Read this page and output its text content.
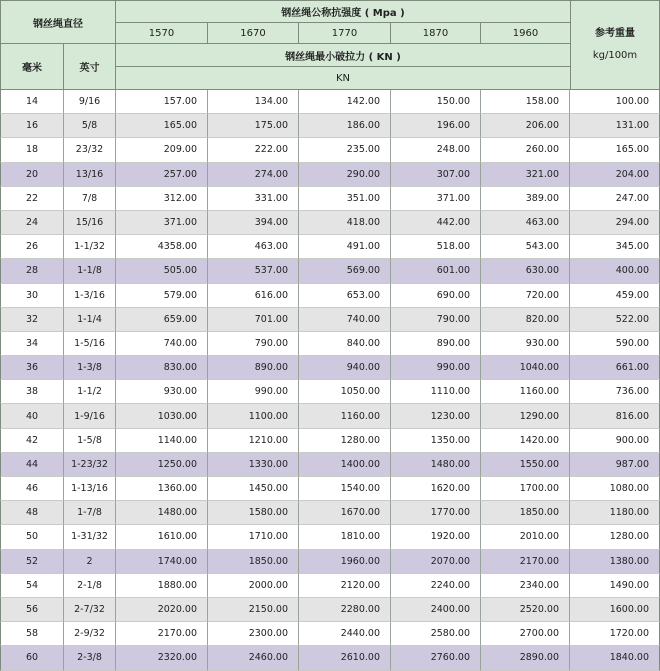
钢丝绳直径
钢丝绳公称抗强度 ( Mpa )
1570	1670	1770	1870	1960
毫米	英寸
钢丝绳最小破拉力 ( KN )
KN
参考重量
kg/100m
14	9/16	157.00	134.00	142.00	150.00	158.00	100.00
16	5/8	165.00	175.00	186.00	196.00	206.00	131.00
18	23/32	209.00	222.00	235.00	248.00	260.00	165.00
20	13/16	257.00	274.00	290.00	307.00	321.00	204.00
22	7/8	312.00	331.00	351.00	371.00	389.00	247.00
24	15/16	371.00	394.00	418.00	442.00	463.00	294.00
26	1-1/32	4358.00	463.00	491.00	518.00	543.00	345.00
28	1-1/8	505.00	537.00	569.00	601.00	630.00	400.00
30	1-3/16	579.00	616.00	653.00	690.00	720.00	459.00
32	1-1/4	659.00	701.00	740.00	790.00	820.00	522.00
34	1-5/16	740.00	790.00	840.00	890.00	930.00	590.00
36	1-3/8	830.00	890.00	940.00	990.00	1040.00	661.00
38	1-1/2	930.00	990.00	1050.00	1110.00	1160.00	736.00
40	1-9/16	1030.00	1100.00	1160.00	1230.00	1290.00	816.00
42	1-5/8	1140.00	1210.00	1280.00	1350.00	1420.00	900.00
44	1-23/32	1250.00	1330.00	1400.00	1480.00	1550.00	987.00
46	1-13/16	1360.00	1450.00	1540.00	1620.00	1700.00	1080.00
48	1-7/8	1480.00	1580.00	1670.00	1770.00	1850.00	1180.00
50	1-31/32	1610.00	1710.00	1810.00	1920.00	2010.00	1280.00
52	2	1740.00	1850.00	1960.00	2070.00	2170.00	1380.00
54	2-1/8	1880.00	2000.00	2120.00	2240.00	2340.00	1490.00
56	2-7/32	2020.00	2150.00	2280.00	2400.00	2520.00	1600.00
58	2-9/32	2170.00	2300.00	2440.00	2580.00	2700.00	1720.00
60	2-3/8	2320.00	2460.00	2610.00	2760.00	2890.00	1840.00
